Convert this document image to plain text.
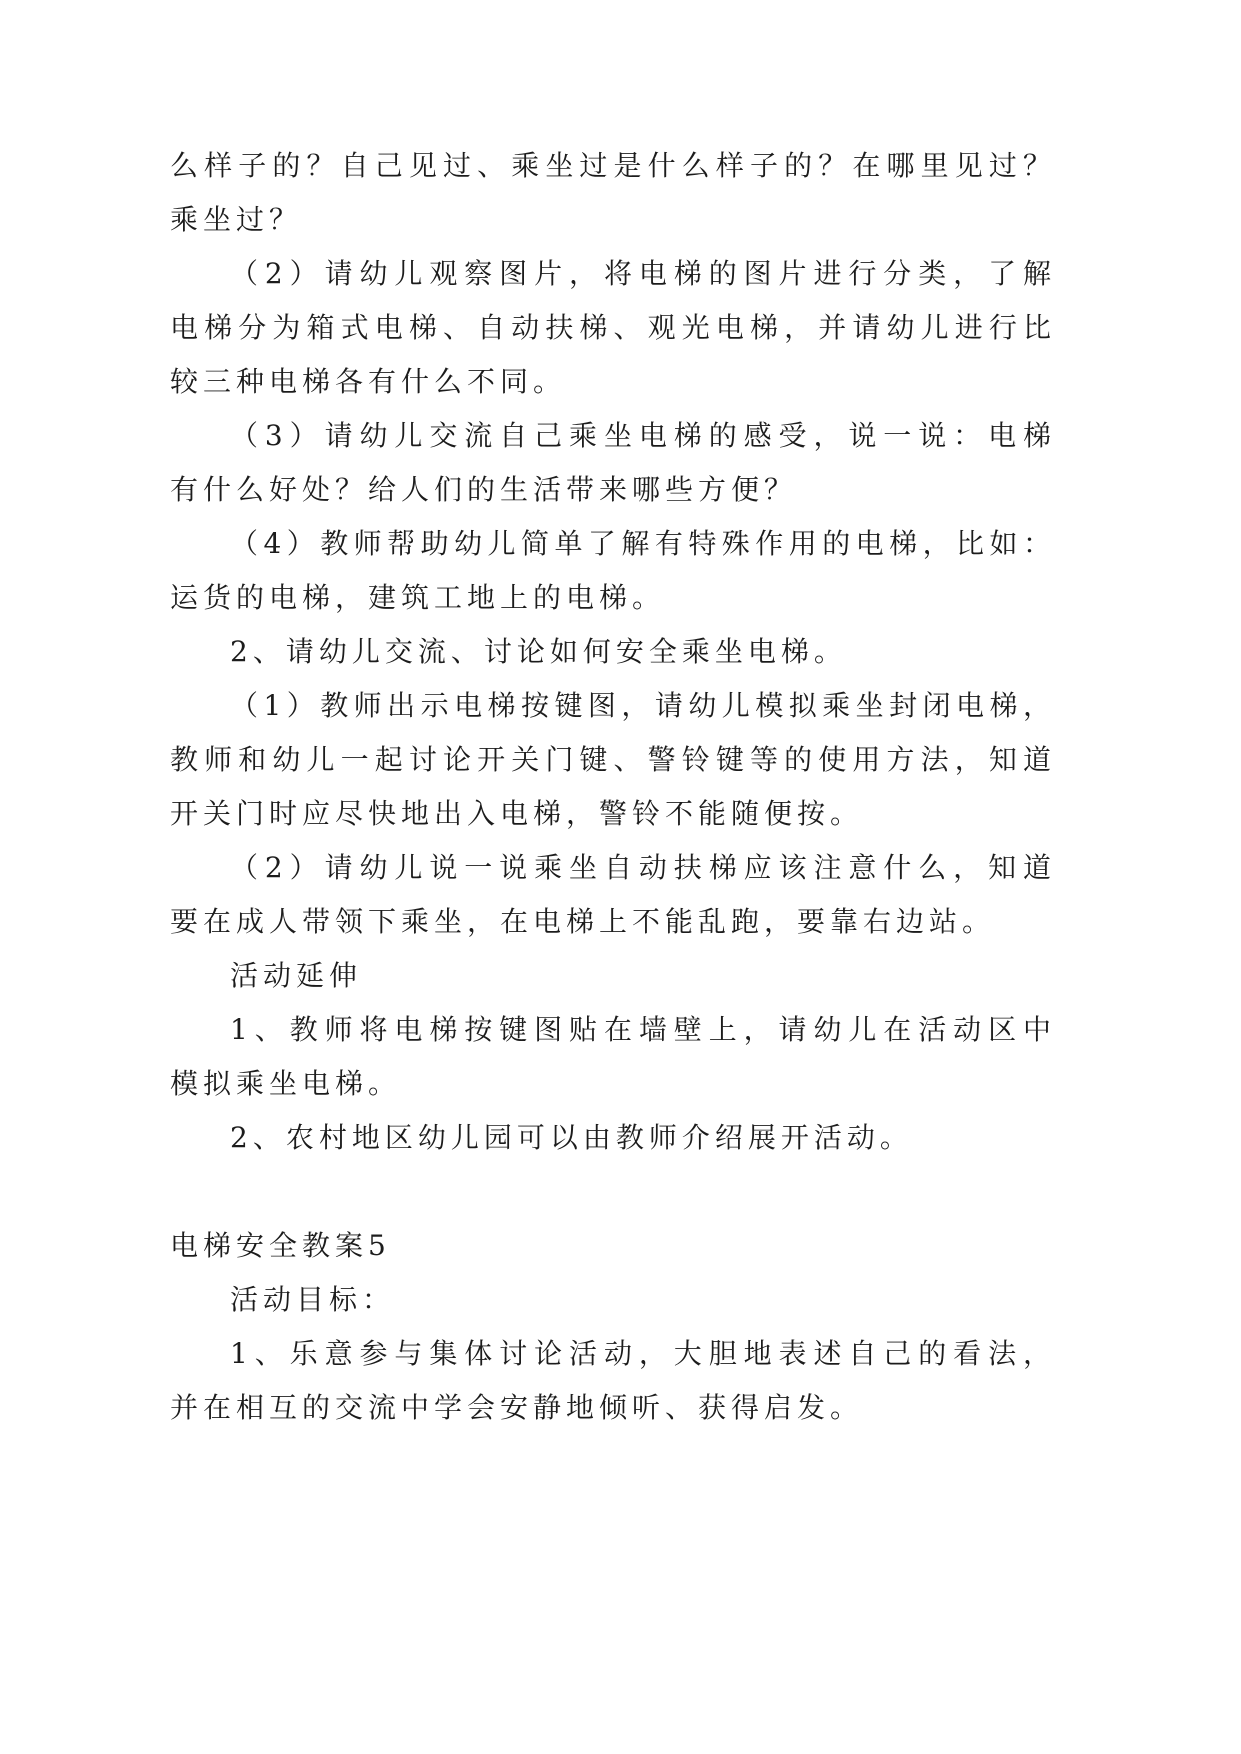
么样子的？自己见过、乘坐过是什么样子的？在哪里见过？
乘坐过？
（2）请幼儿观察图片，将电梯的图片进行分类，了解
电梯分为箱式电梯、自动扶梯、观光电梯，并请幼儿进行比
较三种电梯各有什么不同。
（3）请幼儿交流自己乘坐电梯的感受，说一说：电梯
有什么好处？给人们的生活带来哪些方便？
（4）教师帮助幼儿简单了解有特殊作用的电梯，比如：
运货的电梯，建筑工地上的电梯。
2、请幼儿交流、讨论如何安全乘坐电梯。
（1）教师出示电梯按键图，请幼儿模拟乘坐封闭电梯，
教师和幼儿一起讨论开关门键、警铃键等的使用方法，知道
开关门时应尽快地出入电梯，警铃不能随便按。
（2）请幼儿说一说乘坐自动扶梯应该注意什么，知道
要在成人带领下乘坐，在电梯上不能乱跑，要靠右边站。
活动延伸
1、教师将电梯按键图贴在墙壁上，请幼儿在活动区中
模拟乘坐电梯。
2、农村地区幼儿园可以由教师介绍展开活动。
电梯安全教案5
活动目标：
1、乐意参与集体讨论活动，大胆地表述自己的看法，
并在相互的交流中学会安静地倾听、获得启发。
